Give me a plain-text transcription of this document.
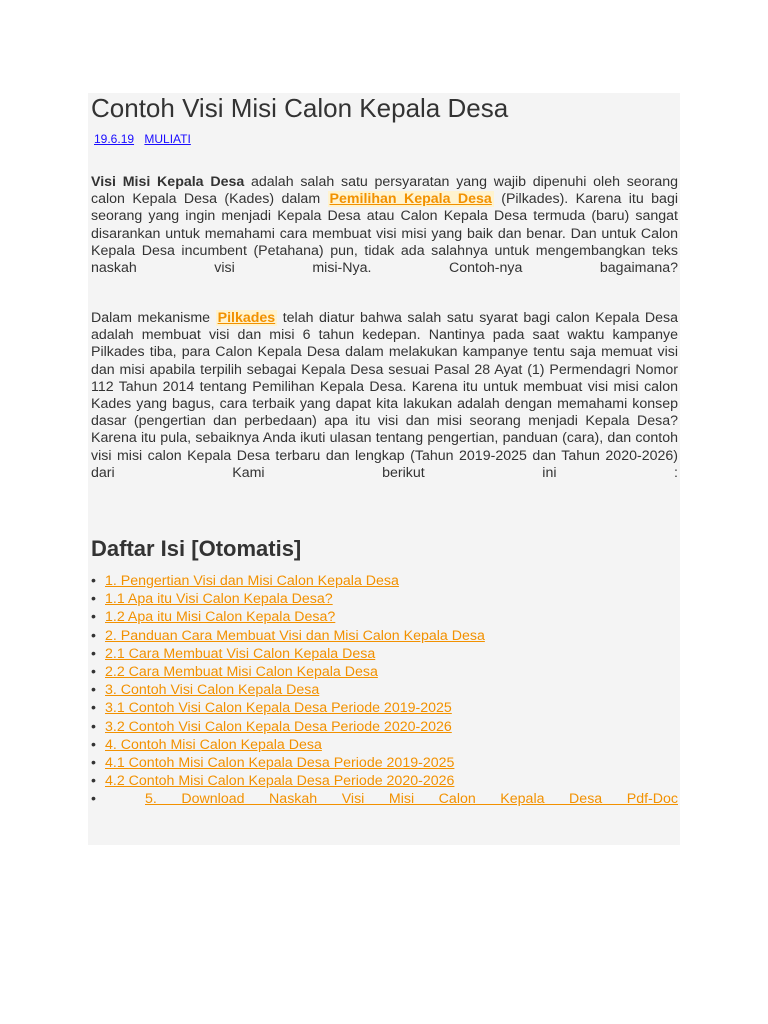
Contoh Visi Misi Calon Kepala Desa
19.6.19 MULIATI

Visi Misi Kepala Desa adalah salah satu persyaratan yang wajib dipenuhi oleh seorang calon Kepala Desa (Kades) dalam Pemilihan Kepala Desa (Pilkades). Karena itu bagi seorang yang ingin menjadi Kepala Desa atau Calon Kepala Desa termuda (baru) sangat disarankan untuk memahami cara membuat visi misi yang baik dan benar. Dan untuk Calon Kepala Desa incumbent (Petahana) pun, tidak ada salahnya untuk mengembangkan teks naskah visi misi-Nya. Contoh-nya bagaimana?

Dalam mekanisme Pilkades telah diatur bahwa salah satu syarat bagi calon Kepala Desa adalah membuat visi dan misi 6 tahun kedepan. Nantinya pada saat waktu kampanye Pilkades tiba, para Calon Kepala Desa dalam melakukan kampanye tentu saja memuat visi dan misi apabila terpilih sebagai Kepala Desa sesuai Pasal 28 Ayat (1) Permendagri Nomor 112 Tahun 2014 tentang Pemilihan Kepala Desa. Karena itu untuk membuat visi misi calon Kades yang bagus, cara terbaik yang dapat kita lakukan adalah dengan memahami konsep dasar (pengertian dan perbedaan) apa itu visi dan misi seorang menjadi Kepala Desa? Karena itu pula, sebaiknya Anda ikuti ulasan tentang pengertian, panduan (cara), dan contoh visi misi calon Kepala Desa terbaru dan lengkap (Tahun 2019-2025 dan Tahun 2020-2026) dari Kami berikut ini :

Daftar Isi [Otomatis]
• 1. Pengertian Visi dan Misi Calon Kepala Desa
• 1.1 Apa itu Visi Calon Kepala Desa?
• 1.2 Apa itu Misi Calon Kepala Desa?
• 2. Panduan Cara Membuat Visi dan Misi Calon Kepala Desa
• 2.1 Cara Membuat Visi Calon Kepala Desa
• 2.2 Cara Membuat Misi Calon Kepala Desa
• 3. Contoh Visi Calon Kepala Desa
• 3.1 Contoh Visi Calon Kepala Desa Periode 2019-2025
• 3.2 Contoh Visi Calon Kepala Desa Periode 2020-2026
• 4. Contoh Misi Calon Kepala Desa
• 4.1 Contoh Misi Calon Kepala Desa Periode 2019-2025
• 4.2 Contoh Misi Calon Kepala Desa Periode 2020-2026
•	5. Download Naskah Visi Misi Calon Kepala Desa Pdf-Doc
